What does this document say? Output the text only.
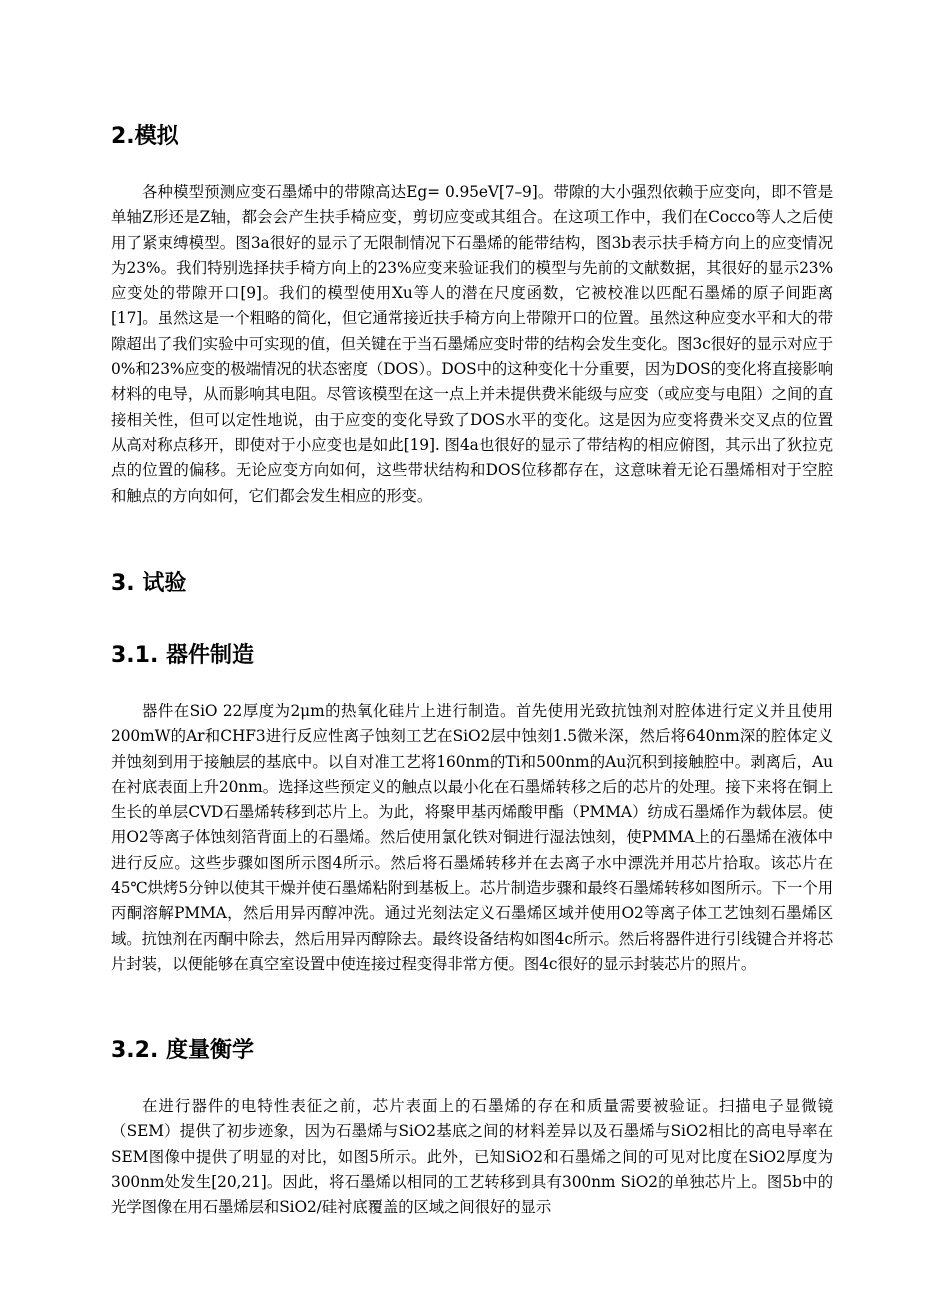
2.模拟

各种模型预测应变石墨烯中的带隙高达Eg= 0.95eV[7–9]。带隙的大小强烈依赖于应变向，即不管是单轴Z形还是Z轴，都会会产生扶手椅应变，剪切应变或其组合。在这项工作中，我们在Cocco等人之后使用了紧束缚模型。图3a很好的显示了无限制情况下石墨烯的能带结构，图3b表示扶手椅方向上的应变情况为23%。我们特别选择扶手椅方向上的23%应变来验证我们的模型与先前的文献数据，其很好的显示23%应变处的带隙开口[9]。我们的模型使用Xu等人的潜在尺度函数，它被校准以匹配石墨烯的原子间距离[17]。虽然这是一个粗略的简化，但它通常接近扶手椅方向上带隙开口的位置。虽然这种应变水平和大的带隙超出了我们实验中可实现的值，但关键在于当石墨烯应变时带的结构会发生变化。图3c很好的显示对应于0%和23%应变的极端情况的状态密度（DOS）。DOS中的这种变化十分重要，因为DOS的变化将直接影响材料的电导，从而影响其电阻。尽管该模型在这一点上并未提供费米能级与应变（或应变与电阻）之间的直接相关性，但可以定性地说，由于应变的变化导致了DOS水平的变化。这是因为应变将费米交叉点的位置从高对称点移开，即使对于小应变也是如此[19]. 图4a也很好的显示了带结构的相应俯图，其示出了狄拉克点的位置的偏移。无论应变方向如何，这些带状结构和DOS位移都存在，这意味着无论石墨烯相对于空腔和触点的方向如何，它们都会发生相应的形变。

3. 试验
3.1. 器件制造

器件在SiO 22厚度为2μm的热氧化硅片上进行制造。首先使用光致抗蚀剂对腔体进行定义并且使用200mW的Ar和CHF3进行反应性离子蚀刻工艺在SiO2层中蚀刻1.5微米深，然后将640nm深的腔体定义并蚀刻到用于接触层的基底中。以自对准工艺将160nm的Ti和500nm的Au沉积到接触腔中。剥离后，Au在衬底表面上升20nm。选择这些预定义的触点以最小化在石墨烯转移之后的芯片的处理。接下来将在铜上生长的单层CVD石墨烯转移到芯片上。为此，将聚甲基丙烯酸甲酯（PMMA）纺成石墨烯作为载体层。使用O2等离子体蚀刻箔背面上的石墨烯。然后使用氯化铁对铜进行湿法蚀刻，使PMMA上的石墨烯在液体中进行反应。这些步骤如图所示图4所示。然后将石墨烯转移并在去离子水中漂洗并用芯片拾取。该芯片在45℃烘烤5分钟以使其干燥并使石墨烯粘附到基板上。芯片制造步骤和最终石墨烯转移如图所示。下一个用丙酮溶解PMMA，然后用异丙醇冲洗。通过光刻法定义石墨烯区域并使用O2等离子体工艺蚀刻石墨烯区域。抗蚀剂在丙酮中除去，然后用异丙醇除去。最终设备结构如图4c所示。然后将器件进行引线键合并将芯片封装，以便能够在真空室设置中使连接过程变得非常方便。图4c很好的显示封装芯片的照片。

3.2. 度量衡学

在进行器件的电特性表征之前，芯片表面上的石墨烯的存在和质量需要被验证。扫描电子显微镜（SEM）提供了初步迹象，因为石墨烯与SiO2基底之间的材料差异以及石墨烯与SiO2相比的高电导率在SEM图像中提供了明显的对比，如图5所示。此外，已知SiO2和石墨烯之间的可见对比度在SiO2厚度为300nm处发生[20,21]。因此，将石墨烯以相同的工艺转移到具有300nm SiO2的单独芯片上。图5b中的光学图像在用石墨烯层和SiO2/硅衬底覆盖的区域之间很好的显示
